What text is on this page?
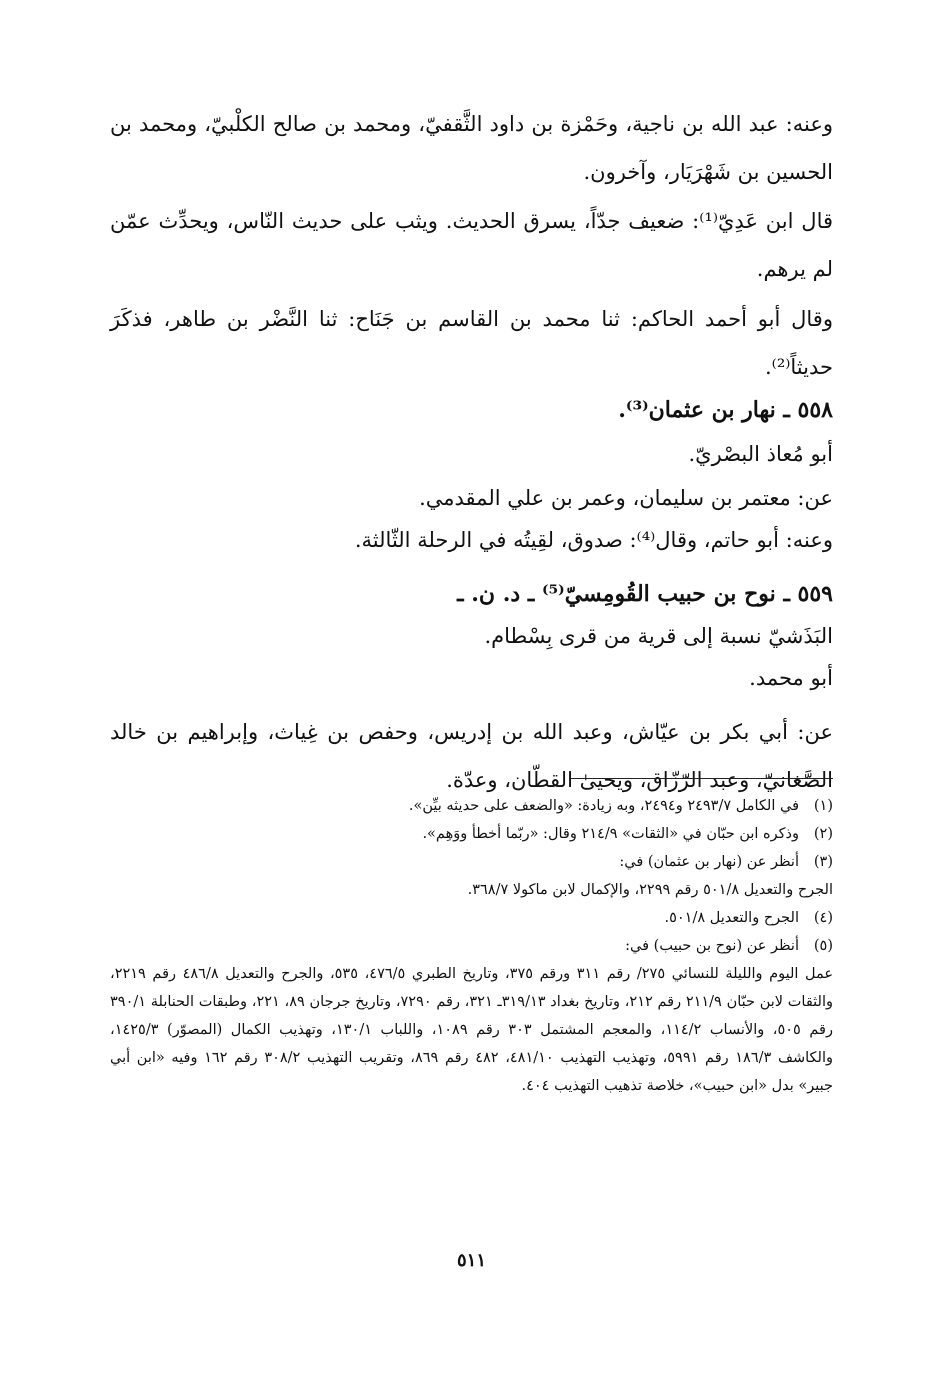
وعنه: عبد الله بن ناجية، وحَمْزة بن داود الثَّقفيّ، ومحمد بن صالح الكلْبيّ، ومحمد بن الحسين بن شَهْرَيَار، وآخرون.
قال ابن عَدِيّ⁽¹⁾: ضعيف جدّاً، يسرق الحديث. ويثب على حديث النّاس، ويحدِّث عمّن لم يرهم.
وقال أبو أحمد الحاكم: ثنا محمد بن القاسم بن جَنَاح: ثنا النَّضْر بن طاهر، فذكَرَ حديثاً⁽²⁾.
٥٥٨ ـ نهار بن عثمان⁽³⁾.
أبو مُعاذ البصْريّ.
عن: معتمر بن سليمان، وعمر بن علي المقدمي.
وعنه: أبو حاتم، وقال⁽⁴⁾: صدوق، لقِيتُه في الرحلة الثّالثة.
٥٥٩ ـ نوح بن حبيب القُومِسيّ⁽⁵⁾ ـ د. ن. ـ
البَذَشيّ نسبة إلى قرية من قرى بِسْطام.
أبو محمد.
عن: أبي بكر بن عيّاش، وعبد الله بن إدريس، وحفص بن غِياث، وإبراهيم بن خالد الصَّغانيّ، وعبد الرّزّاق، ويحيىٰ القطّان، وعدّة.
(١)
في الكامل ٢٤٩٣/٧ و٢٤٩٤، وبه زيادة: «والضعف على حديثه بيِّن».
(٢)
وذكره ابن حبّان في «الثقات» ٢١٤/٩ وقال: «ربّما أخطأ ووَهِم».
(٣)
أنظر عن (نهار بن عثمان) في:
الجرح والتعديل ٥٠١/٨ رقم ٢٢٩٩، والإكمال لابن ماكولا ٣٦٨/٧.
(٤)
الجرح والتعديل ٥٠١/٨.
(٥)
أنظر عن (نوح بن حبيب) في:
عمل اليوم والليلة للنسائي ٢٧٥/ رقم ٣١١ ورقم ٣٧٥، وتاريخ الطبري ٤٧٦/٥، ٥٣٥، والجرح والتعديل ٤٨٦/٨ رقم ٢٢١٩، والثقات لابن حبّان ٢١١/٩ رقم ٢١٢، وتاريخ بغداد ٣١٩/١٣ـ ٣٢١، رقم ٧٢٩٠، وتاريخ جرجان ٨٩، ٢٢١، وطبقات الحنابلة ٣٩٠/١ رقم ٥٠٥، والأنساب ١١٤/٢، والمعجم المشتمل ٣٠٣ رقم ١٠٨٩، واللباب ١٣٠/١، وتهذيب الكمال (المصوّر) ١٤٢٥/٣، والكاشف ١٨٦/٣ رقم ٥٩٩١، وتهذيب التهذيب ٤٨١/١٠، ٤٨٢ رقم ٨٦٩، وتقريب التهذيب ٣٠٨/٢ رقم ١٦٢ وفيه «ابن أبي جبير» بدل «ابن حبيب»، خلاصة تذهيب التهذيب ٤٠٤.
٥١١
